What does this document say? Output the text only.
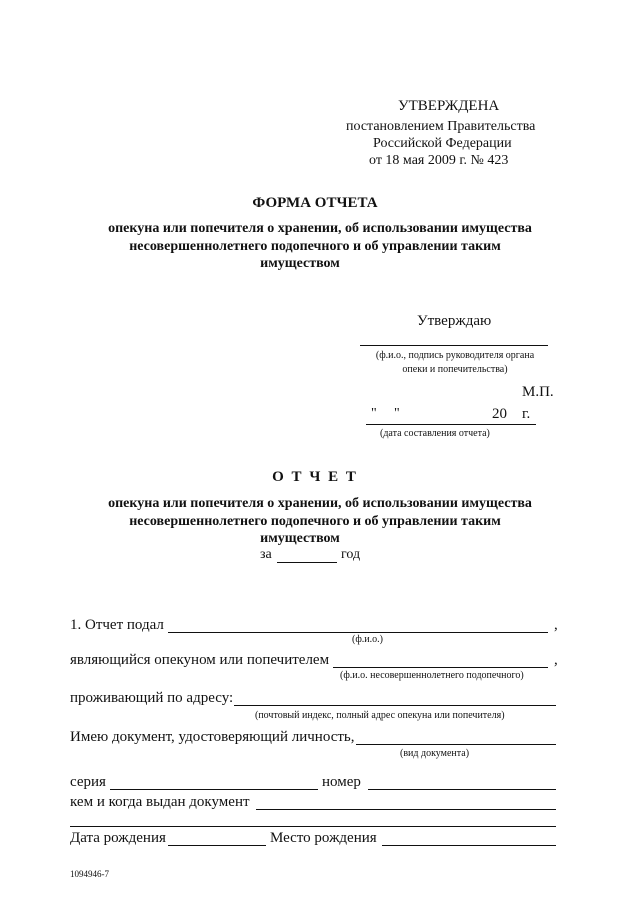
УТВЕРЖДЕНА
постановлением Правительства
Российской Федерации
от 18 мая 2009 г. № 423
ФОРМА ОТЧЕТА
опекуна или попечителя о хранении, об использовании имущества
несовершеннолетнего подопечного и об управлении таким
имуществом
Утверждаю
(ф.и.о., подпись руководителя органа
опеки и попечительства)
М.П.
" "	20 г.
(дата составления отчета)
О Т Ч Е Т
опекуна или попечителя о хранении, об использовании имущества
несовершеннолетнего подопечного и об управлении таким
имуществом
за	год
1. Отчет подал	,
(ф.и.о.)
являющийся опекуном или попечителем	,
(ф.и.о. несовершеннолетнего подопечного)
проживающий по адресу:
(почтовый индекс, полный адрес опекуна или попечителя)
Имею документ, удостоверяющий личность,
(вид документа)
серия	номер
кем и когда выдан документ
Дата рождения	Место рождения
1094946-7
